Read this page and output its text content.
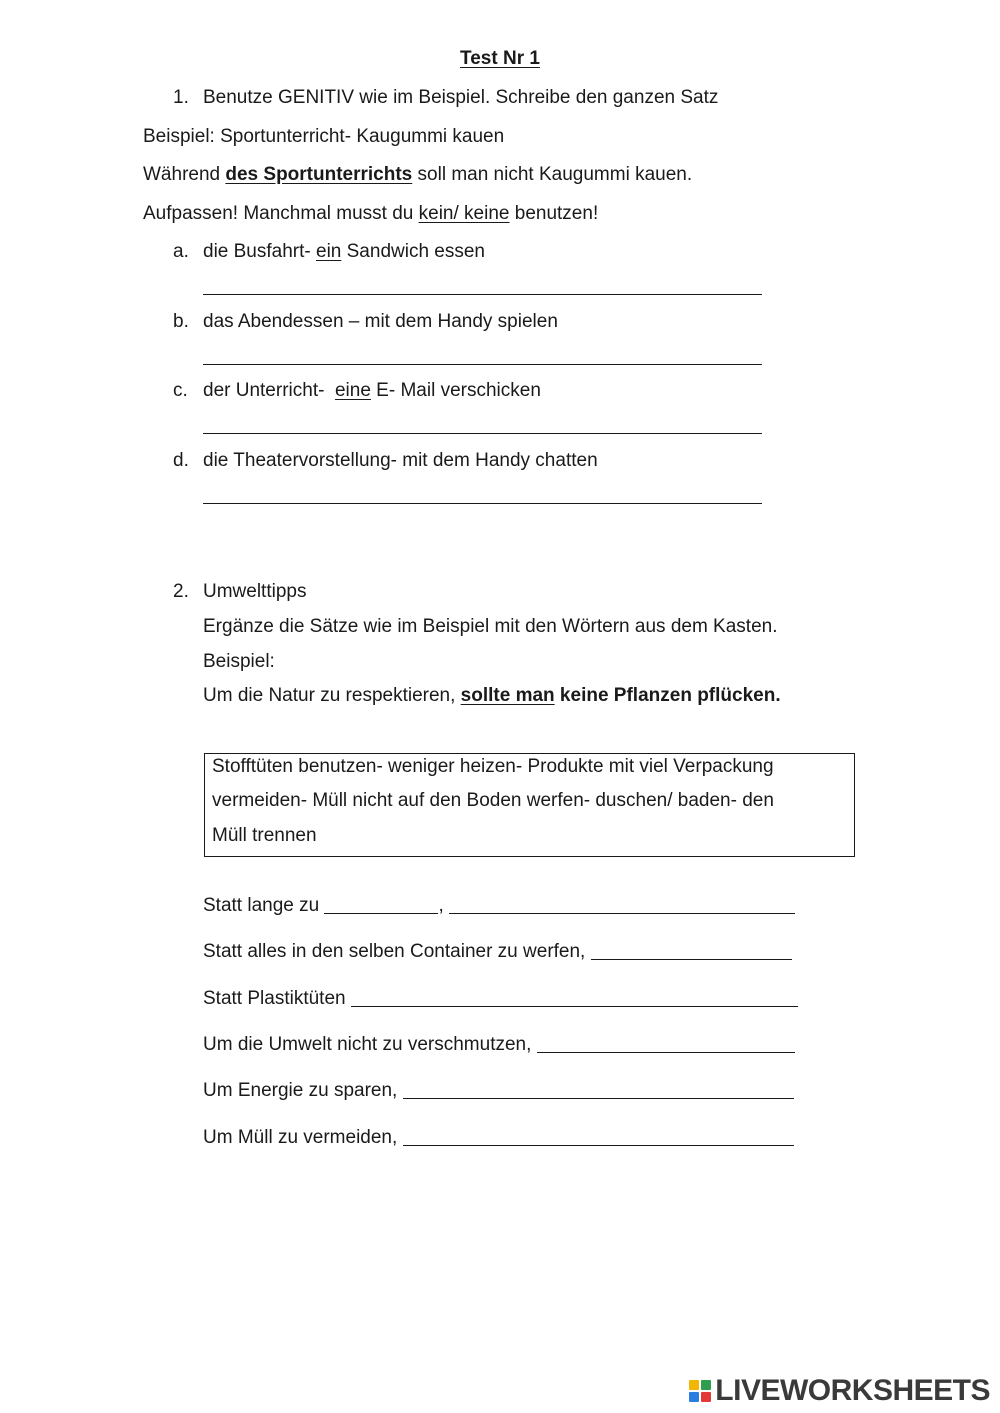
Test Nr 1
1. Benutze GENITIV wie im Beispiel. Schreibe den ganzen Satz
Beispiel: Sportunterricht- Kaugummi kauen
Während des Sportunterrichts soll man nicht Kaugummi kauen.
Aufpassen! Manchmal musst du kein/ keine benutzen!
a. die Busfahrt- ein Sandwich essen
b. das Abendessen – mit dem Handy spielen
c. der Unterricht-  eine E- Mail verschicken
d. die Theatervorstellung- mit dem Handy chatten
2. Umwelttipps
Ergänze die Sätze wie im Beispiel mit den Wörtern aus dem Kasten.
Beispiel:
Um die Natur zu respektieren, sollte man keine Pflanzen pflücken.
Stofftüten benutzen- weniger heizen- Produkte mit viel Verpackung
vermeiden- Müll nicht auf den Boden werfen- duschen/ baden- den
Müll trennen
Statt lange zu	,
Statt alles in den selben Container zu werfen,
Statt Plastiktüten
Um die Umwelt nicht zu verschmutzen,
Um Energie zu sparen,
Um Müll zu vermeiden,
LIVEWORKSHEETS
